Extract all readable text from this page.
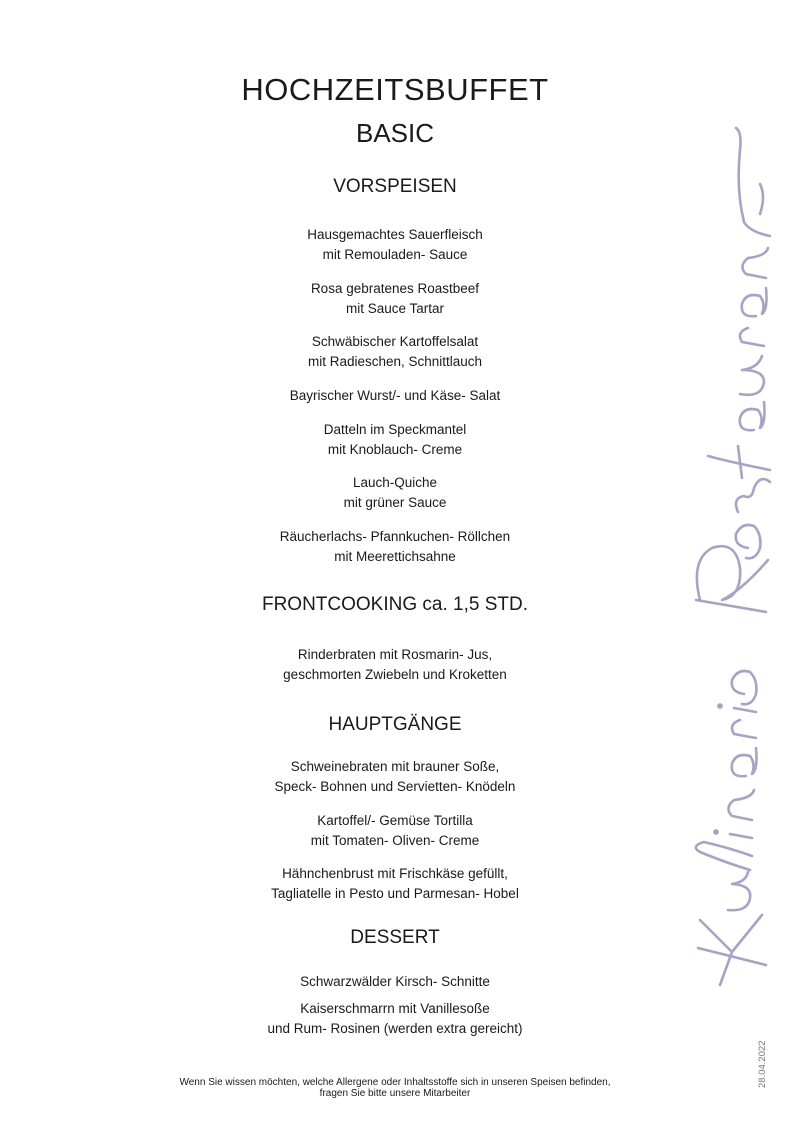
HOCHZEITSBUFFET
BASIC
VORSPEISEN
Hausgemachtes Sauerfleisch
mit Remouladen- Sauce
Rosa gebratenes Roastbeef
mit Sauce Tartar
Schwäbischer Kartoffelsalat
mit Radieschen, Schnittlauch
Bayrischer Wurst/- und Käse- Salat
Datteln im Speckmantel
mit Knoblauch- Creme
Lauch-Quiche
mit grüner Sauce
Räucherlachs- Pfannkuchen- Röllchen
mit Meerettichsahne
FRONTCOOKING ca. 1,5 STD.
Rinderbraten mit Rosmarin- Jus,
geschmorten Zwiebeln und Kroketten
HAUPTGÄNGE
Schweinebraten mit brauner Soße,
Speck- Bohnen und Servietten- Knödeln
Kartoffel/- Gemüse Tortilla
mit Tomaten- Oliven- Creme
Hähnchenbrust mit Frischkäse gefüllt,
Tagliatelle in Pesto und Parmesan- Hobel
DESSERT
Schwarzwälder Kirsch- Schnitte
Kaiserschmarrn mit Vanillesoße
und Rum- Rosinen (werden extra gereicht)
Wenn Sie wissen möchten, welche Allergene oder Inhaltsstoffe sich in unseren Speisen befinden,
fragen Sie bitte unsere Mitarbeiter
28.04.2022
